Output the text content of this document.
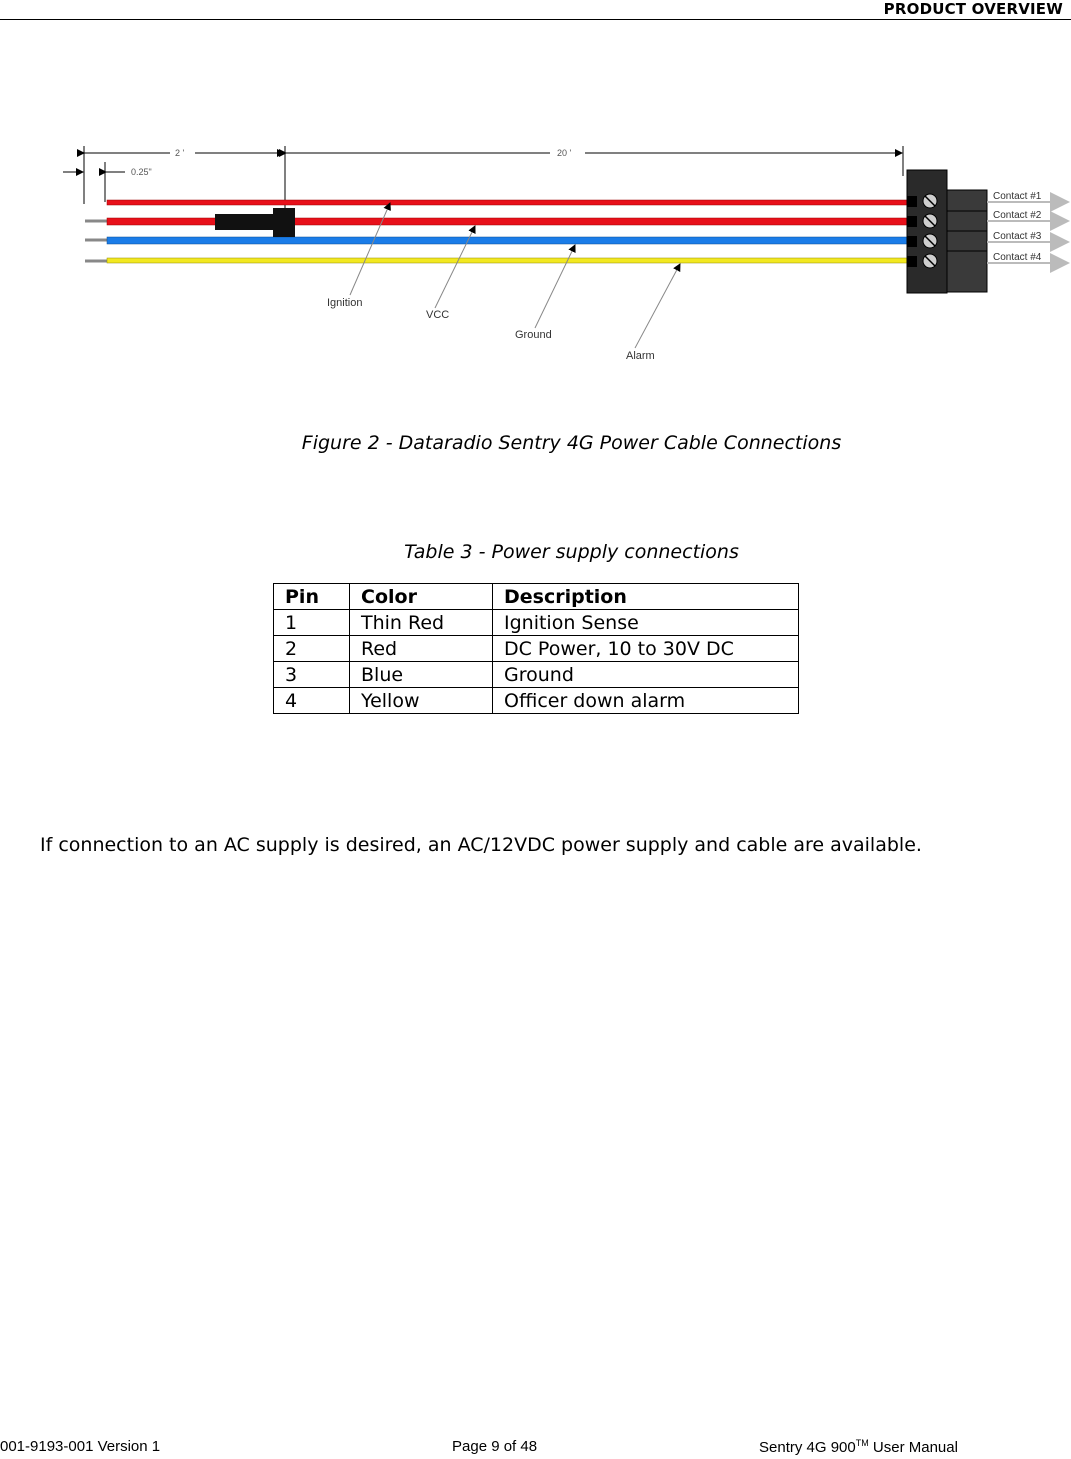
PRODUCT OVERVIEW
2 '
0.25"
20 '
Contact #1
Contact #2
Contact #3
Contact #4
Ignition
VCC
Ground
Alarm
Figure 2 - Dataradio Sentry 4G Power Cable Connections
Table 3 - Power supply connections
Pin	Color	Description
1	Thin Red	Ignition Sense
2	Red	DC Power, 10 to 30V DC
3	Blue	Ground
4	Yellow	Officer down alarm
If connection to an AC supply is desired, an AC/12VDC power supply and cable are available.
001-9193-001 Version 1	Page 9 of 48	Sentry 4G 900™ User Manual
